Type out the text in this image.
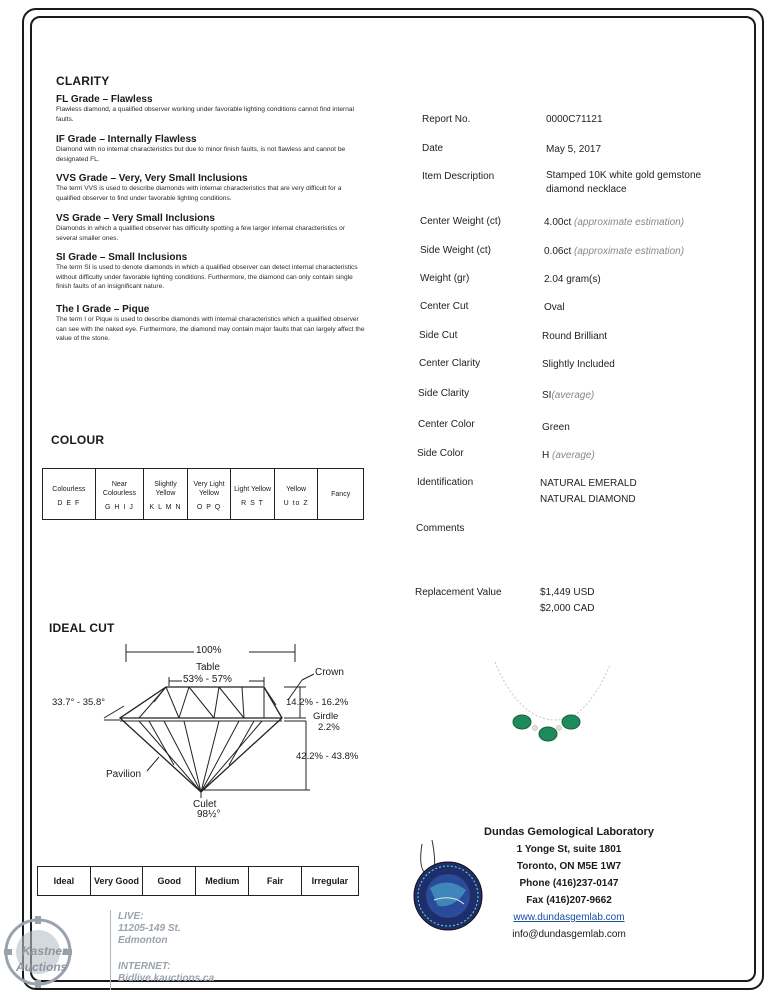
CLARITY
FL Grade – Flawless
Flawless diamond, a qualified observer working under favorable lighting conditions cannot find internal faults.
IF Grade – Internally Flawless
Diamond with no internal characteristics but due to minor finish faults, is not flawless and cannot be designated FL.
VVS Grade – Very, Very Small Inclusions
The term VVS is used to describe diamonds with internal characteristics that are very difficult for a qualified observer to find under favorable lighting conditions.
VS Grade – Very Small Inclusions
Diamonds in which a qualified observer has difficulty spotting a few larger internal characteristics or several smaller ones.
SI Grade – Small Inclusions
The term SI is used to denote diamonds in which a qualified observer can detect internal characteristics without difficulty under favorable lighting conditions. Furthermore, the diamond can only contain single finish faults of an insignificant nature.
The I Grade – Pique
The term I or Pique is used to describe diamonds with internal characteristics which a qualified observer can see with the naked eye. Furthermore, the diamond may contain major faults that can largely affect the value of the stone.
COLOUR
Colourless
D E F

Near Colourless
G H I J

Slightly Yellow
K L M N

Very Light Yellow
O P Q

Light Yellow
R S T

Yellow
U to Z
	Fancy
IDEAL CUT
100%
Table
53% - 57%
Crown
33.7° - 35.8°	14.2% - 16.2%
Girdle
2.2%
42.2% - 43.8%
Pavilion
Culet
98½°
Ideal	Very Good	Good	Medium	Fair	Irregular
Report No.	0000C71121
Date	May 5, 2017
Item Description	Stamped 10K white gold gemstone diamond necklace
Center Weight (ct)	4.00ct (approximate estimation)
Side Weight (ct)	0.06ct (approximate estimation)
Weight (gr)	2.04 gram(s)
Center Cut	Oval
Side Cut	Round Brilliant
Center Clarity	Slightly Included
Side Clarity	SI(average)
Center Color	Green
Side Color	H (average)
Identification	NATURAL EMERALD
NATURAL DIAMOND
Comments
Replacement Value	$1,449 USD
$2,000 CAD
Dundas Gemological Laboratory
1 Yonge St, suite 1801
Toronto, ON M5E 1W7
Phone (416)237-0147
Fax (416)207-9662
www.dundasgemlab.com
info@dundasgemlab.com
Kastner
Auctions
LIVE:
11205-149 St.
Edmonton
INTERNET:
Bidlive.kauctions.ca
